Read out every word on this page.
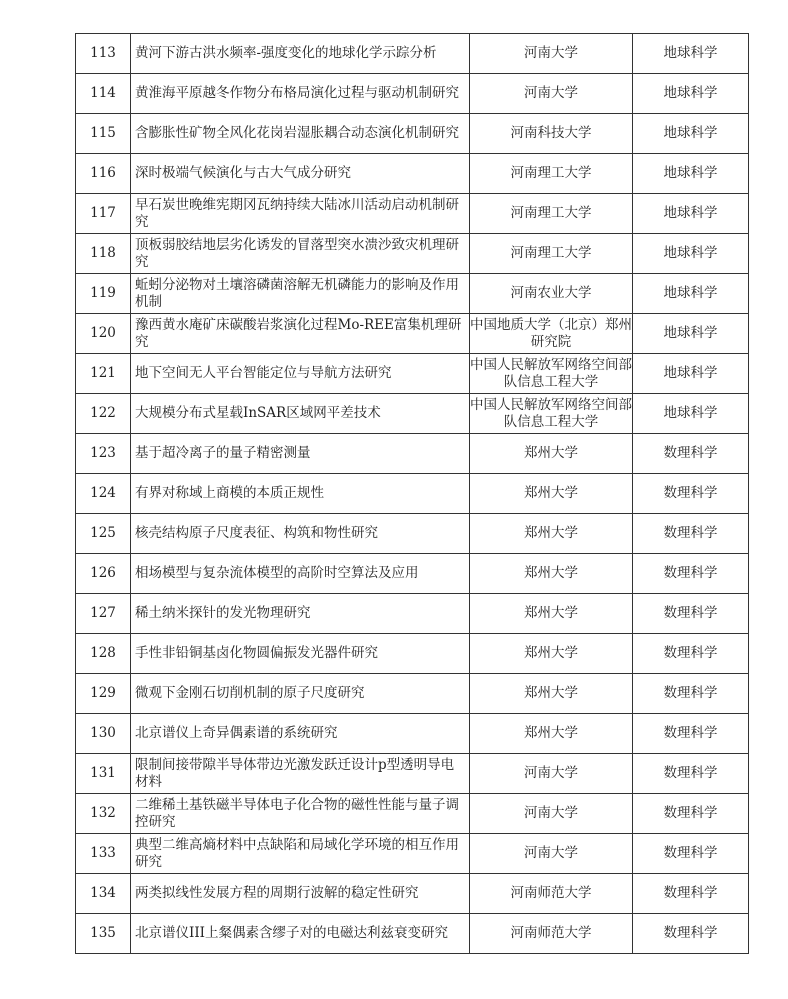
113	黄河下游古洪水频率-强度变化的地球化学示踪分析	河南大学	地球科学
114	黄淮海平原越冬作物分布格局演化过程与驱动机制研究	河南大学	地球科学
115	含膨胀性矿物全风化花岗岩湿胀耦合动态演化机制研究	河南科技大学	地球科学
116	深时极端气候演化与古大气成分研究	河南理工大学	地球科学
117	早石炭世晚维宪期冈瓦纳持续大陆冰川活动启动机制研究	河南理工大学	地球科学
118	顶板弱胶结地层劣化诱发的冒落型突水溃沙致灾机理研究	河南理工大学	地球科学
119	蚯蚓分泌物对土壤溶磷菌溶解无机磷能力的影响及作用机制	河南农业大学	地球科学
120	豫西黄水庵矿床碳酸岩浆演化过程Mo-REE富集机理研究	中国地质大学（北京）郑州研究院	地球科学
121	地下空间无人平台智能定位与导航方法研究	中国人民解放军网络空间部队信息工程大学	地球科学
122	大规模分布式星载InSAR区域网平差技术	中国人民解放军网络空间部队信息工程大学	地球科学
123	基于超冷离子的量子精密测量	郑州大学	数理科学
124	有界对称域上商模的本质正规性	郑州大学	数理科学
125	核壳结构原子尺度表征、构筑和物性研究	郑州大学	数理科学
126	相场模型与复杂流体模型的高阶时空算法及应用	郑州大学	数理科学
127	稀土纳米探针的发光物理研究	郑州大学	数理科学
128	手性非铅铜基卤化物圆偏振发光器件研究	郑州大学	数理科学
129	微观下金刚石切削机制的原子尺度研究	郑州大学	数理科学
130	北京谱仪上奇异偶素谱的系统研究	郑州大学	数理科学
131	限制间接带隙半导体带边光激发跃迁设计p型透明导电材料	河南大学	数理科学
132	二维稀土基铁磁半导体电子化合物的磁性性能与量子调控研究	河南大学	数理科学
133	典型二维高熵材料中点缺陷和局域化学环境的相互作用研究	河南大学	数理科学
134	两类拟线性发展方程的周期行波解的稳定性研究	河南师范大学	数理科学
135	北京谱仪III上粲偶素含缪子对的电磁达利兹衰变研究	河南师范大学	数理科学
